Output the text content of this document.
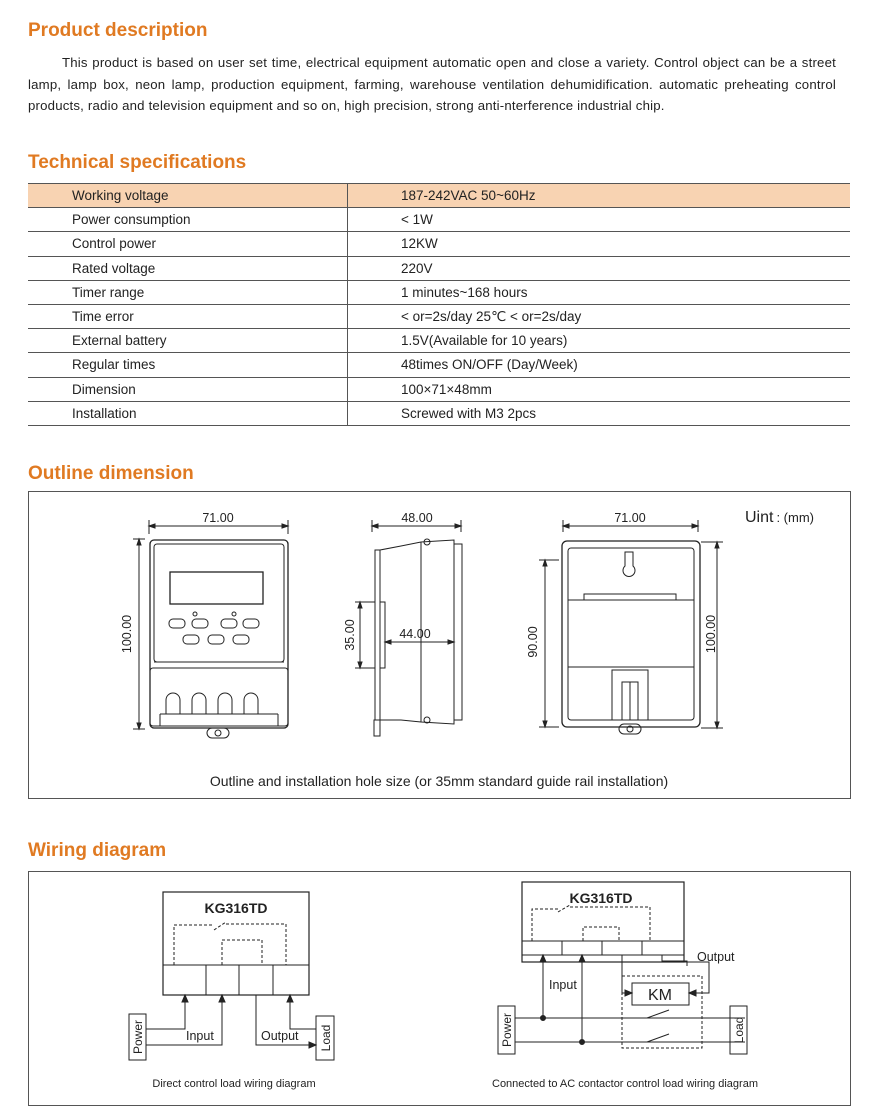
Product description

This product is based on user set time, electrical equipment automatic open and close a variety. Control object can be a street lamp, lamp box, neon lamp, production equipment, farming, warehouse ventilation dehumidification. automatic preheating control products, radio and television equipment and so on, high precision, strong anti-nterference industrial chip.

Technical specifications
Working voltage	187-242VAC 50~60Hz
Power consumption	< 1W
Control power	12KW
Rated voltage	220V
Timer range	1 minutes~168 hours
Time error	< or=2s/day 25℃ < or=2s/day
External battery	1.5V(Available for 10 years)
Regular times	48times ON/OFF (Day/Week)
Dimension	100×71×48mm
Installation	Screwed with M3 2pcs
Outline dimension
71.00
100.00
48.00
35.00	44.00
71.00
90.00	100.00
Uint : (mm)
Outline and installation hole size (or 35mm standard guide rail installation)
Wiring diagram
KG316TD
Power	Input	Output Load
Direct control load wiring diagram
KG316TD
Output
Input
KM
Power	Load
Connected to AC contactor control load wiring diagram
